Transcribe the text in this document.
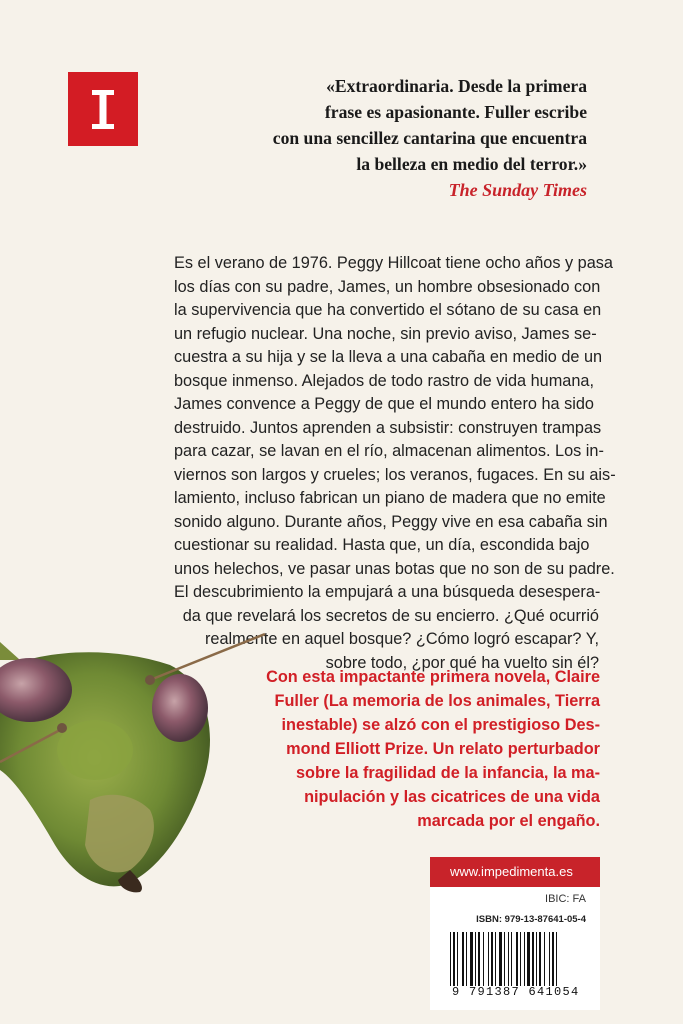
«Extraordinaria. Desde la primera
frase es apasionante. Fuller escribe
con una sencillez cantarina que encuentra
la belleza en medio del terror.»
The Sunday Times

Es el verano de 1976. Peggy Hillcoat tiene ocho años y pasa
los días con su padre, James, un hombre obsesionado con
la supervivencia que ha convertido el sótano de su casa en
un refugio nuclear. Una noche, sin previo aviso, James se-
cuestra a su hija y se la lleva a una cabaña en medio de un
bosque inmenso. Alejados de todo rastro de vida humana,
James convence a Peggy de que el mundo entero ha sido
destruido. Juntos aprenden a subsistir: construyen trampas
para cazar, se lavan en el río, almacenan alimentos. Los in-
viernos son largos y crueles; los veranos, fugaces. En su ais-
lamiento, incluso fabrican un piano de madera que no emite
sonido alguno. Durante años, Peggy vive en esa cabaña sin
cuestionar su realidad. Hasta que, un día, escondida bajo
unos helechos, ve pasar unas botas que no son de su padre.
El descubrimiento la empujará a una búsqueda desespera-
da que revelará los secretos de su encierro. ¿Qué ocurrió
realmente en aquel bosque? ¿Cómo logró escapar? Y,
sobre todo, ¿por qué ha vuelto sin él?

Con esta impactante primera novela, Claire
Fuller (La memoria de los animales, Tierra
inestable) se alzó con el prestigioso Des-
mond Elliott Prize. Un relato perturbador
sobre la fragilidad de la infancia, la ma-
nipulación y las cicatrices de una vida
marcada por el engaño.

www.impedimenta.es
IBIC: FA
ISBN: 979-13-87641-05-4
9 791387 641054
